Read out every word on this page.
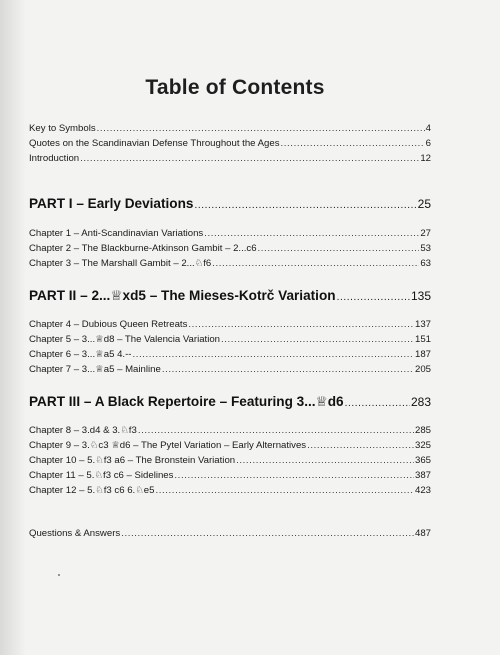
Table of Contents
Key to Symbols .....	4
Quotes on the Scandinavian Defense Throughout the Ages .....	6
Introduction .....	12
PART I – Early Deviations .....	25
Chapter 1 – Anti-Scandinavian Variations .....	27
Chapter 2 – The Blackburne-Atkinson Gambit – 2...c6 .....	53
Chapter 3 – The Marshall Gambit – 2...♘f6 .....	63
PART II – 2...♕xd5 – The Mieses-Kotrč Variation .....	135
Chapter 4 – Dubious Queen Retreats .....	137
Chapter 5 – 3...♕d8 – The Valencia Variation .....	151
Chapter 6 – 3...♕a5 4.-- .....	187
Chapter 7 – 3...♕a5 – Mainline .....	205
PART III – A Black Repertoire – Featuring 3...♕d6 .....	283
Chapter 8 – 3.d4 & 3.♘f3 .....	285
Chapter 9 – 3.♘c3 ♕d6 – The Pytel Variation – Early Alternatives .....	325
Chapter 10 – 5.♘f3 a6 – The Bronstein Variation .....	365
Chapter 11 – 5.♘f3 c6 – Sidelines .....	387
Chapter 12 – 5.♘f3 c6 6.♘e5 .....	423
Questions & Answers .....	487
